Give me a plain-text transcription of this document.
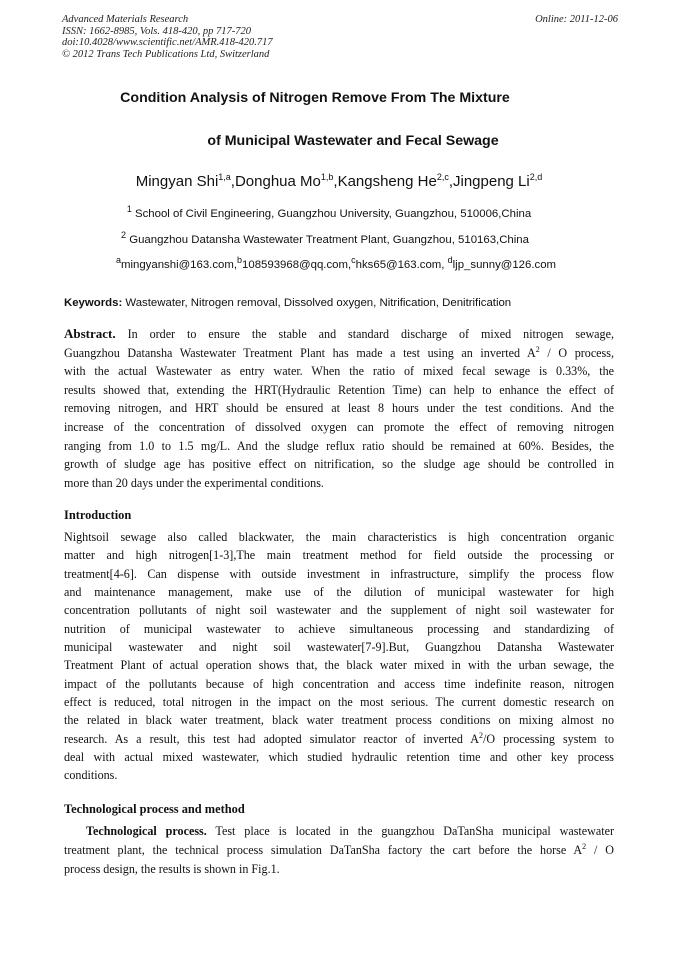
Advanced Materials Research
ISSN: 1662-8985, Vols. 418-420, pp 717-720
doi:10.4028/www.scientific.net/AMR.418-420.717
© 2012 Trans Tech Publications Ltd, Switzerland
Online: 2011-12-06
Condition Analysis of Nitrogen Remove From The Mixture
of Municipal Wastewater and Fecal Sewage
Mingyan Shi$^{1,a}$,Donghua Mo$^{1,b}$,Kangsheng He$^{2,c}$,Jingpeng Li$^{2,d}$
$^1$ School of Civil Engineering, Guangzhou University, Guangzhou, 510006,China
$^2$ Guangzhou Datansha Wastewater Treatment Plant, Guangzhou, 510163,China
$^a$mingyanshi@163.com,$^b$108593968@qq.com,$^c$hks65@163.com, $^d$ljp_sunny@126.com
Keywords: Wastewater, Nitrogen removal, Dissolved oxygen, Nitrification, Denitrification
Abstract. In order to ensure the stable and standard discharge of mixed nitrogen sewage,
Guangzhou Datansha Wastewater Treatment Plant has made a test using an inverted $A^2$ / O process,
with the actual Wastewater as entry water. When the ratio of mixed fecal sewage is 0.33%, the
results showed that, extending the HRT(Hydraulic Retention Time) can help to enhance the effect of
removing nitrogen, and HRT should be ensured at least 8 hours under the test conditions. And the
increase of the concentration of dissolved oxygen can promote the effect of removing nitrogen
ranging from 1.0 to 1.5 mg/L. And the sludge reflux ratio should be remained at 60%. Besides, the
growth of sludge age has positive effect on nitrification, so the sludge age should be controlled in
more than 20 days under the experimental conditions.
Introduction
Nightsoil sewage also called blackwater, the main characteristics is high concentration organic
matter and high nitrogen[1-3],The main treatment method for field outside the processing or
treatment[4-6]. Can dispense with outside investment in infrastructure, simplify the process flow
and maintenance management, make use of the dilution of municipal wastewater for high
concentration pollutants of night soil wastewater and the supplement of night soil wastewater for
nutrition of municipal wastewater to achieve simultaneous processing and standardizing of
municipal wastewater and night soil wastewater[7-9].But, Guangzhou Datansha Wastewater
Treatment Plant of actual operation shows that, the black water mixed in with the urban sewage, the
impact of the pollutants because of high concentration and access time indefinite reason, nitrogen
effect is reduced, total nitrogen in the impact on the most serious. The current domestic research on
the related in black water treatment, black water treatment process conditions on mixing almost no
research. As a result, this test had adopted simulator reactor of inverted $A^2/O$ processing system to
deal with actual mixed wastewater, which studied hydraulic retention time and other key process
conditions.
Technological process and method
Technological process. Test place is located in the guangzhou DaTanSha municipal wastewater
treatment plant, the technical process simulation DaTanSha factory the cart before the horse $A^2$ / O
process design, the results is shown in Fig.1.
